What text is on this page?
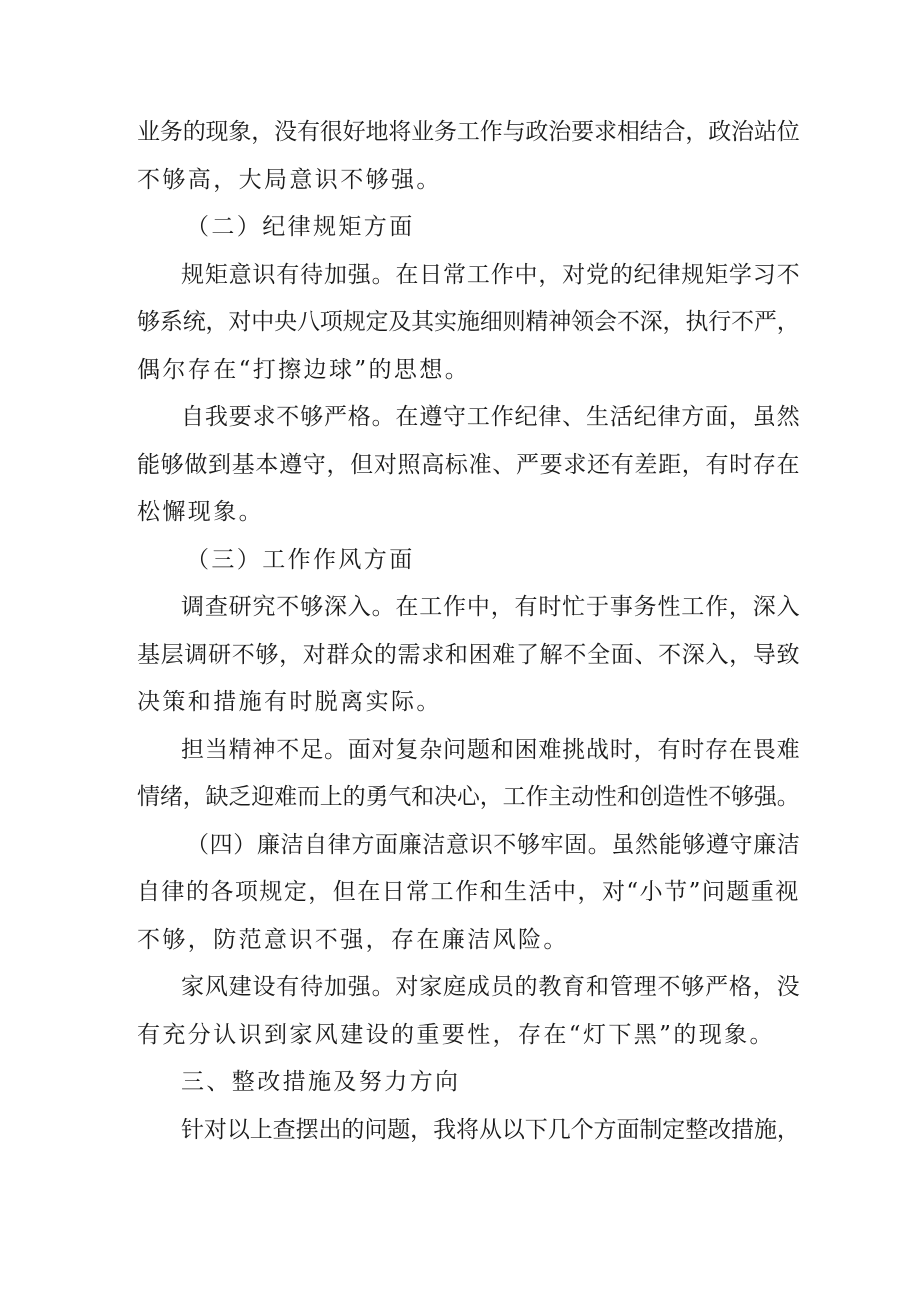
业务的现象，没有很好地将业务工作与政治要求相结合，政治站位
不够高，大局意识不够强。
（二）纪律规矩方面
规矩意识有待加强。在日常工作中，对党的纪律规矩学习不
够系统，对中央八项规定及其实施细则精神领会不深，执行不严，
偶尔存在“打擦边球”的思想。
自我要求不够严格。在遵守工作纪律、生活纪律方面，虽然
能够做到基本遵守，但对照高标准、严要求还有差距，有时存在
松懈现象。
（三）工作作风方面
调查研究不够深入。在工作中，有时忙于事务性工作，深入
基层调研不够，对群众的需求和困难了解不全面、不深入，导致
决策和措施有时脱离实际。
担当精神不足。面对复杂问题和困难挑战时，有时存在畏难
情绪，缺乏迎难而上的勇气和决心，工作主动性和创造性不够强。
（四）廉洁自律方面廉洁意识不够牢固。虽然能够遵守廉洁
自律的各项规定，但在日常工作和生活中，对“小节”问题重视
不够，防范意识不强，存在廉洁风险。
家风建设有待加强。对家庭成员的教育和管理不够严格，没
有充分认识到家风建设的重要性，存在“灯下黑”的现象。
三、整改措施及努力方向
针对以上查摆出的问题，我将从以下几个方面制定整改措施，
